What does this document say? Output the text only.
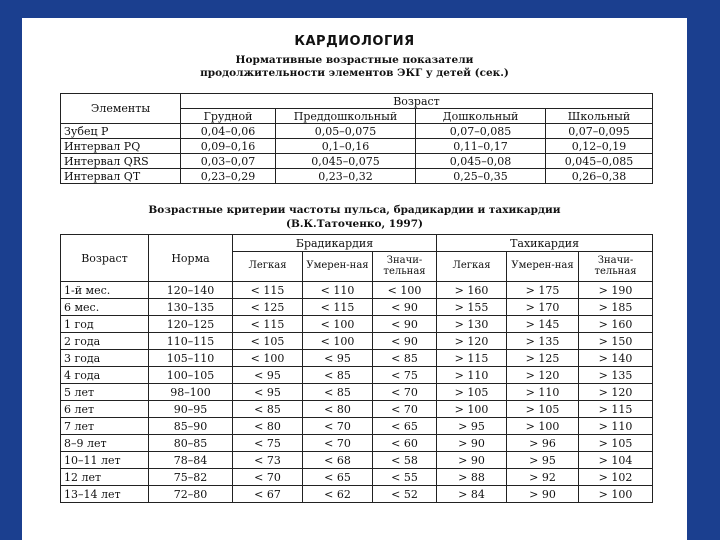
КАРДИОЛОГИЯ
Нормативные возрастные показатели
продолжительности элементов ЭКГ у детей (сек.)
Элементы	Возраст			
	Грудной	Преддошкольный	Дошкольный	Школьный
Зубец P	0,04–0,06	0,05–0,075	0,07–0,085	0,07–0,095
Интервал PQ	0,09–0,16	0,1–0,16	0,11–0,17	0,12–0,19
Интервал QRS	0,03–0,07	0,045–0,075	0,045–0,08	0,045–0,085
Интервал QT	0,23–0,29	0,23–0,32	0,25–0,35	0,26–0,38
Возрастные критерии частоты пульса, брадикардии и тахикардии
(В.К.Таточенко, 1997)
Возраст	Норма	Брадикардия			Тахикардия		
		Легкая	Умерен-ная	Значи-тельная	Легкая	Умерен-ная	Значи-тельная
1-й мес.	120–140	< 115	< 110	< 100	> 160	> 175	> 190
6 мес.	130–135	< 125	< 115	< 90	> 155	> 170	> 185
1 год	120–125	< 115	< 100	< 90	> 130	> 145	> 160
2 года	110–115	< 105	< 100	< 90	> 120	> 135	> 150
3 года	105–110	< 100	< 95	< 85	> 115	> 125	> 140
4 года	100–105	< 95	< 85	< 75	> 110	> 120	> 135
5 лет	98–100	< 95	< 85	< 70	> 105	> 110	> 120
6 лет	90–95	< 85	< 80	< 70	> 100	> 105	> 115
7 лет	85–90	< 80	< 70	< 65	> 95	> 100	> 110
8–9 лет	80–85	< 75	< 70	< 60	> 90	> 96	> 105
10–11 лет	78–84	< 73	< 68	< 58	> 90	> 95	> 104
12 лет	75–82	< 70	< 65	< 55	> 88	> 92	> 102
13–14 лет	72–80	< 67	< 62	< 52	> 84	> 90	> 100
